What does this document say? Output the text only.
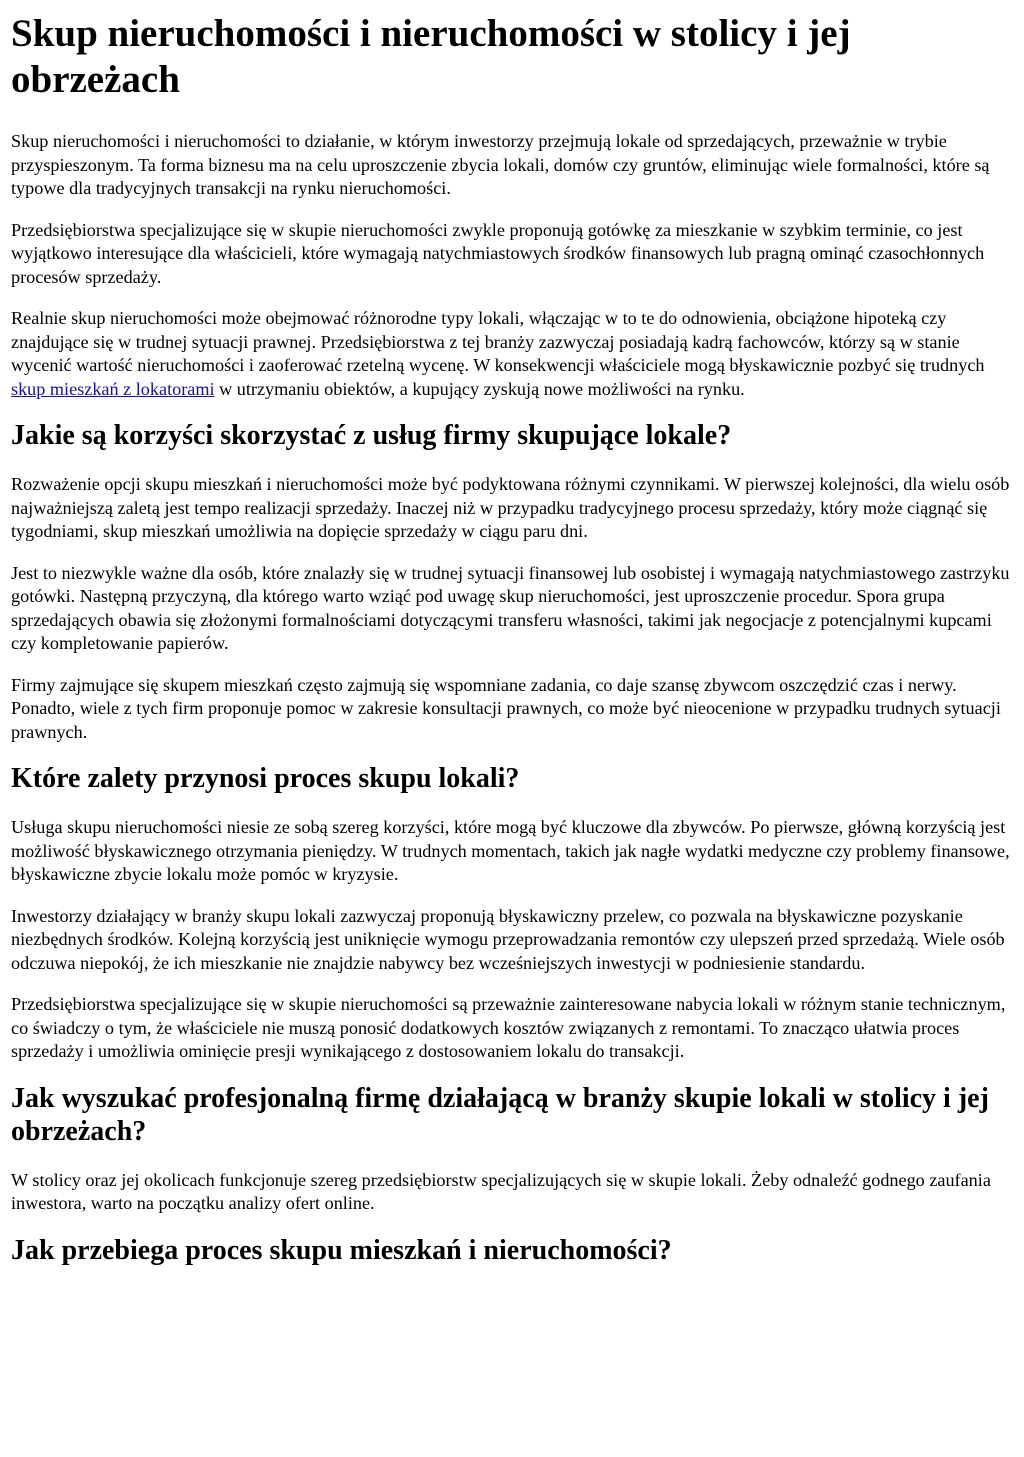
Skup nieruchomości i nieruchomości w stolicy i jej obrzeżach

Skup nieruchomości i nieruchomości to działanie, w którym inwestorzy przejmują lokale od sprzedających, przeważnie w trybie przyspieszonym. Ta forma biznesu ma na celu uproszczenie zbycia lokali, domów czy gruntów, eliminując wiele formalności, które są typowe dla tradycyjnych transakcji na rynku nieruchomości.

Przedsiębiorstwa specjalizujące się w skupie nieruchomości zwykle proponują gotówkę za mieszkanie w szybkim terminie, co jest wyjątkowo interesujące dla właścicieli, które wymagają natychmiastowych środków finansowych lub pragną ominąć czasochłonnych procesów sprzedaży.

Realnie skup nieruchomości może obejmować różnorodne typy lokali, włączając w to te do odnowienia, obciążone hipoteką czy znajdujące się w trudnej sytuacji prawnej. Przedsiębiorstwa z tej branży zazwyczaj posiadają kadrą fachowców, którzy są w stanie wycenić wartość nieruchomości i zaoferować rzetelną wycenę. W konsekwencji właściciele mogą błyskawicznie pozbyć się trudnych skup mieszkań z lokatorami w utrzymaniu obiektów, a kupujący zyskują nowe możliwości na rynku.

Jakie są korzyści skorzystać z usług firmy skupujące lokale?

Rozważenie opcji skupu mieszkań i nieruchomości może być podyktowana różnymi czynnikami. W pierwszej kolejności, dla wielu osób najważniejszą zaletą jest tempo realizacji sprzedaży. Inaczej niż w przypadku tradycyjnego procesu sprzedaży, który może ciągnąć się tygodniami, skup mieszkań umożliwia na dopięcie sprzedaży w ciągu paru dni.

Jest to niezwykle ważne dla osób, które znalazły się w trudnej sytuacji finansowej lub osobistej i wymagają natychmiastowego zastrzyku gotówki. Następną przyczyną, dla którego warto wziąć pod uwagę skup nieruchomości, jest uproszczenie procedur. Spora grupa sprzedających obawia się złożonymi formalnościami dotyczącymi transferu własności, takimi jak negocjacje z potencjalnymi kupcami czy kompletowanie papierów.

Firmy zajmujące się skupem mieszkań często zajmują się wspomniane zadania, co daje szansę zbywcom oszczędzić czas i nerwy. Ponadto, wiele z tych firm proponuje pomoc w zakresie konsultacji prawnych, co może być nieocenione w przypadku trudnych sytuacji prawnych.

Które zalety przynosi proces skupu lokali?

Usługa skupu nieruchomości niesie ze sobą szereg korzyści, które mogą być kluczowe dla zbywców. Po pierwsze, główną korzyścią jest możliwość błyskawicznego otrzymania pieniędzy. W trudnych momentach, takich jak nagłe wydatki medyczne czy problemy finansowe, błyskawiczne zbycie lokalu może pomóc w kryzysie.

Inwestorzy działający w branży skupu lokali zazwyczaj proponują błyskawiczny przelew, co pozwala na błyskawiczne pozyskanie niezbędnych środków. Kolejną korzyścią jest uniknięcie wymogu przeprowadzania remontów czy ulepszeń przed sprzedażą. Wiele osób odczuwa niepokój, że ich mieszkanie nie znajdzie nabywcy bez wcześniejszych inwestycji w podniesienie standardu.

Przedsiębiorstwa specjalizujące się w skupie nieruchomości są przeważnie zainteresowane nabycia lokali w różnym stanie technicznym, co świadczy o tym, że właściciele nie muszą ponosić dodatkowych kosztów związanych z remontami. To znacząco ułatwia proces sprzedaży i umożliwia ominięcie presji wynikającego z dostosowaniem lokalu do transakcji.

Jak wyszukać profesjonalną firmę działającą w branży skupie lokali w stolicy i jej obrzeżach?

W stolicy oraz jej okolicach funkcjonuje szereg przedsiębiorstw specjalizujących się w skupie lokali. Żeby odnaleźć godnego zaufania inwestora, warto na początku analizy ofert online.

Jak przebiega proces skupu mieszkań i nieruchomości?
